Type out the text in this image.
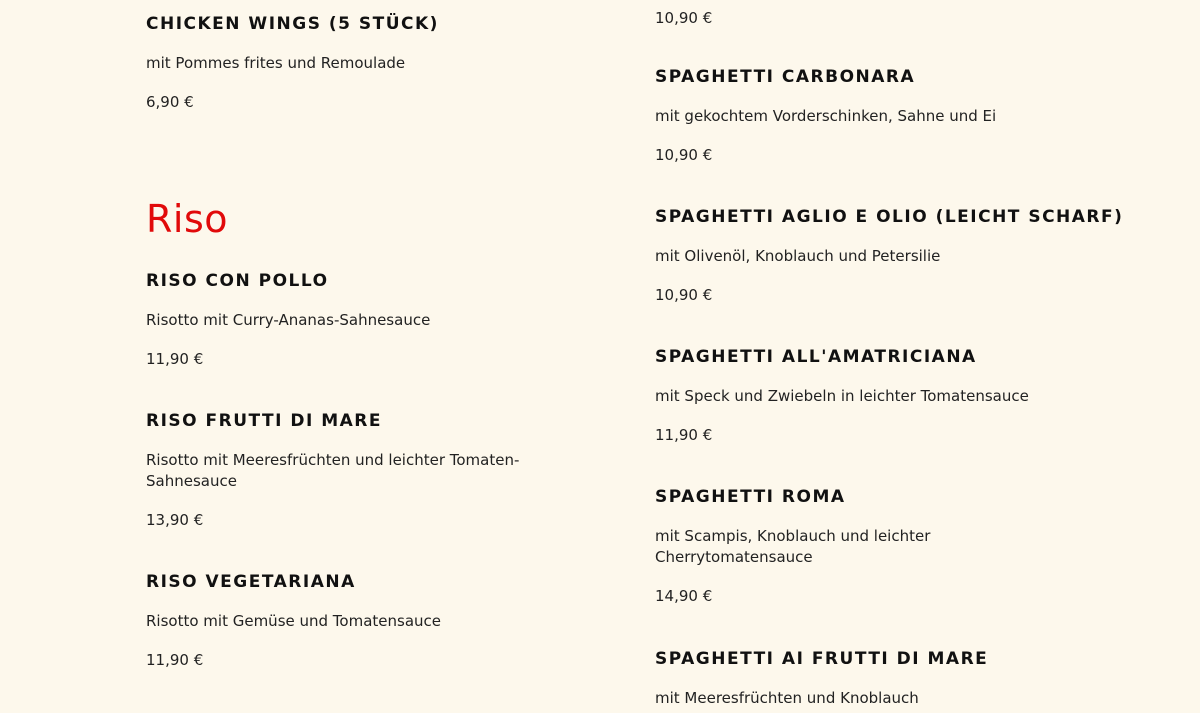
CHICKEN WINGS (5 STÜCK)

mit Pommes frites und Remoulade

6,90 €

Riso
RISO CON POLLO

Risotto mit Curry-Ananas-Sahnesauce

11,90 €

RISO FRUTTI DI MARE

Risotto mit Meeresfrüchten und leichter Tomaten-Sahnesauce

13,90 €

RISO VEGETARIANA

Risotto mit Gemüse und Tomatensauce

11,90 €

10,90 €

SPAGHETTI CARBONARA

mit gekochtem Vorderschinken, Sahne und Ei

10,90 €

SPAGHETTI AGLIO E OLIO (LEICHT SCHARF)

mit Olivenöl, Knoblauch und Petersilie

10,90 €

SPAGHETTI ALL'AMATRICIANA

mit Speck und Zwiebeln in leichter Tomatensauce

11,90 €

SPAGHETTI ROMA

mit Scampis, Knoblauch und leichter Cherrytomatensauce

14,90 €

SPAGHETTI AI FRUTTI DI MARE

mit Meeresfrüchten und Knoblauch
